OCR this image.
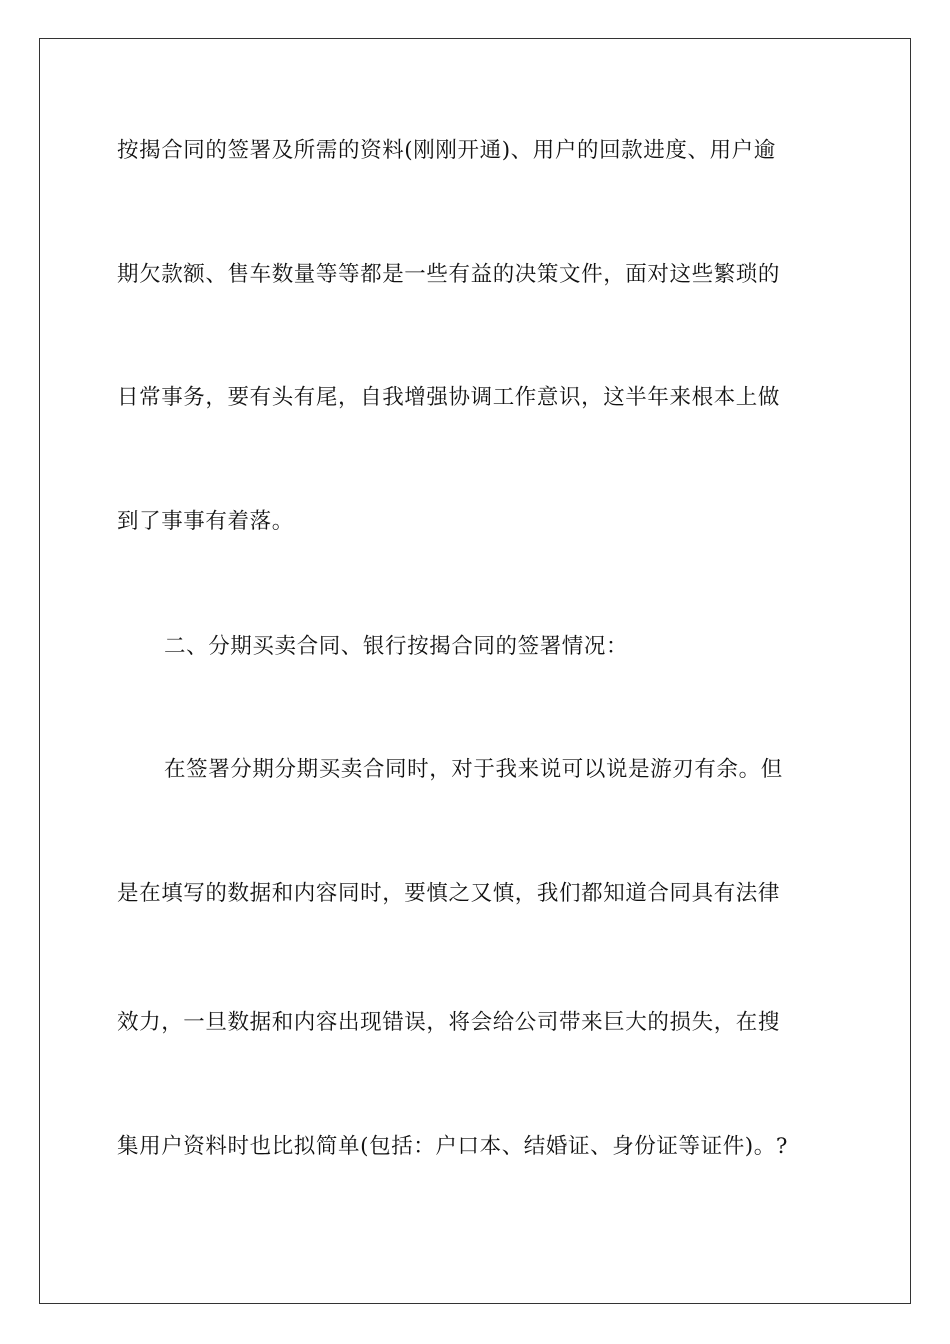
按揭合同的签署及所需的资料(刚刚开通)、用户的回款进度、用户逾
期欠款额、售车数量等等都是一些有益的决策文件，面对这些繁琐的
日常事务，要有头有尾，自我增强协调工作意识，这半年来根本上做
到了事事有着落。
二、分期买卖合同、银行按揭合同的签署情况：
在签署分期分期买卖合同时，对于我来说可以说是游刃有余。但
是在填写的数据和内容同时，要慎之又慎，我们都知道合同具有法律
效力，一旦数据和内容出现错误，将会给公司带来巨大的损失，在搜
集用户资料时也比拟简单(包括：户口本、结婚证、身份证等证件)。?
